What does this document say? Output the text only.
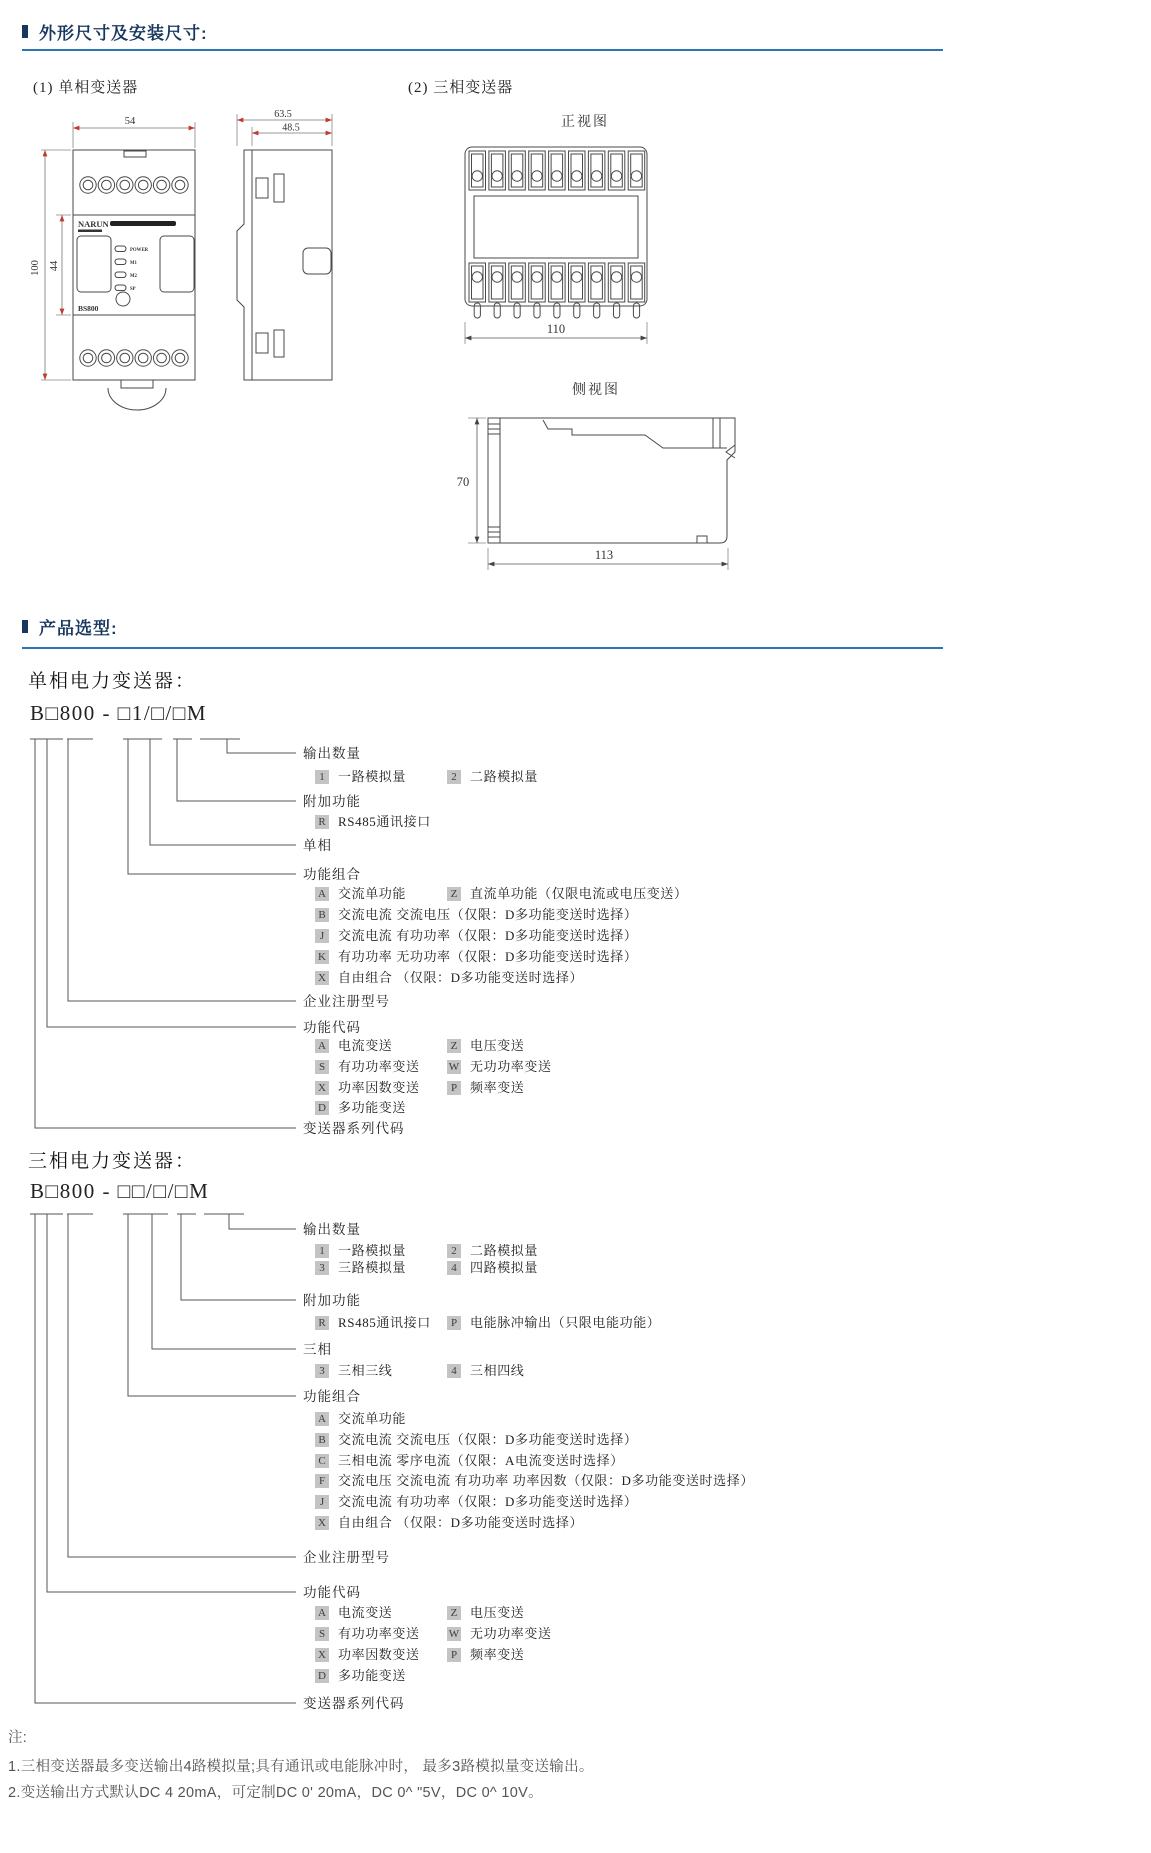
外形尺寸及安装尺寸:
(1) 单相变送器	(2) 三相变送器
正视图
侧视图
NARUN
POWER
M1
M2
SP
BS800
54
100 44
63.5
48.5
110
70
113
产品选型:
单相电力变送器：
B□800 - □1/□/□M
三相电力变送器：
B□800 - □□/□/□M
输出数量
1	一路模拟量	2	二路模拟量
附加功能
R RS485通讯接口
单相
功能组合
A 交流单功能	Z 直流单功能（仅限电流或电压变送）
B 交流电流 交流电压（仅限：D多功能变送时选择）
J	交流电流 有功功率（仅限：D多功能变送时选择）
K 有功功率 无功功率（仅限：D多功能变送时选择）
X 自由组合 （仅限：D多功能变送时选择）
企业注册型号
功能代码
A 电流变送	Z 电压变送
S 有功功率变送	W 无功功率变送
X 功率因数变送	P 频率变送
D 多功能变送
变送器系列代码
输出数量
1	一路模拟量	2	二路模拟量
3	三路模拟量	4	四路模拟量
附加功能
R RS485通讯接口	P 电能脉冲输出（只限电能功能）
三相
3	三相三线	4	三相四线
功能组合
A 交流单功能
B 交流电流 交流电压（仅限：D多功能变送时选择）
C 三相电流 零序电流（仅限：A电流变送时选择）
F 交流电压 交流电流 有功功率 功率因数（仅限：D多功能变送时选择）
J	交流电流 有功功率（仅限：D多功能变送时选择）
X 自由组合 （仅限：D多功能变送时选择）
企业注册型号
功能代码
A 电流变送	Z 电压变送
S 有功功率变送	W 无功功率变送
X 功率因数变送	P 频率变送
D 多功能变送
变送器系列代码
注:
1.三相变送器最多变送输出4路模拟量;具有通讯或电能脉冲时， 最多3路模拟量变送输出。
2.变送输出方式默认DC 4 20mA，可定制DC 0' 20mA，DC 0^ "5V，DC 0^ 10V。
